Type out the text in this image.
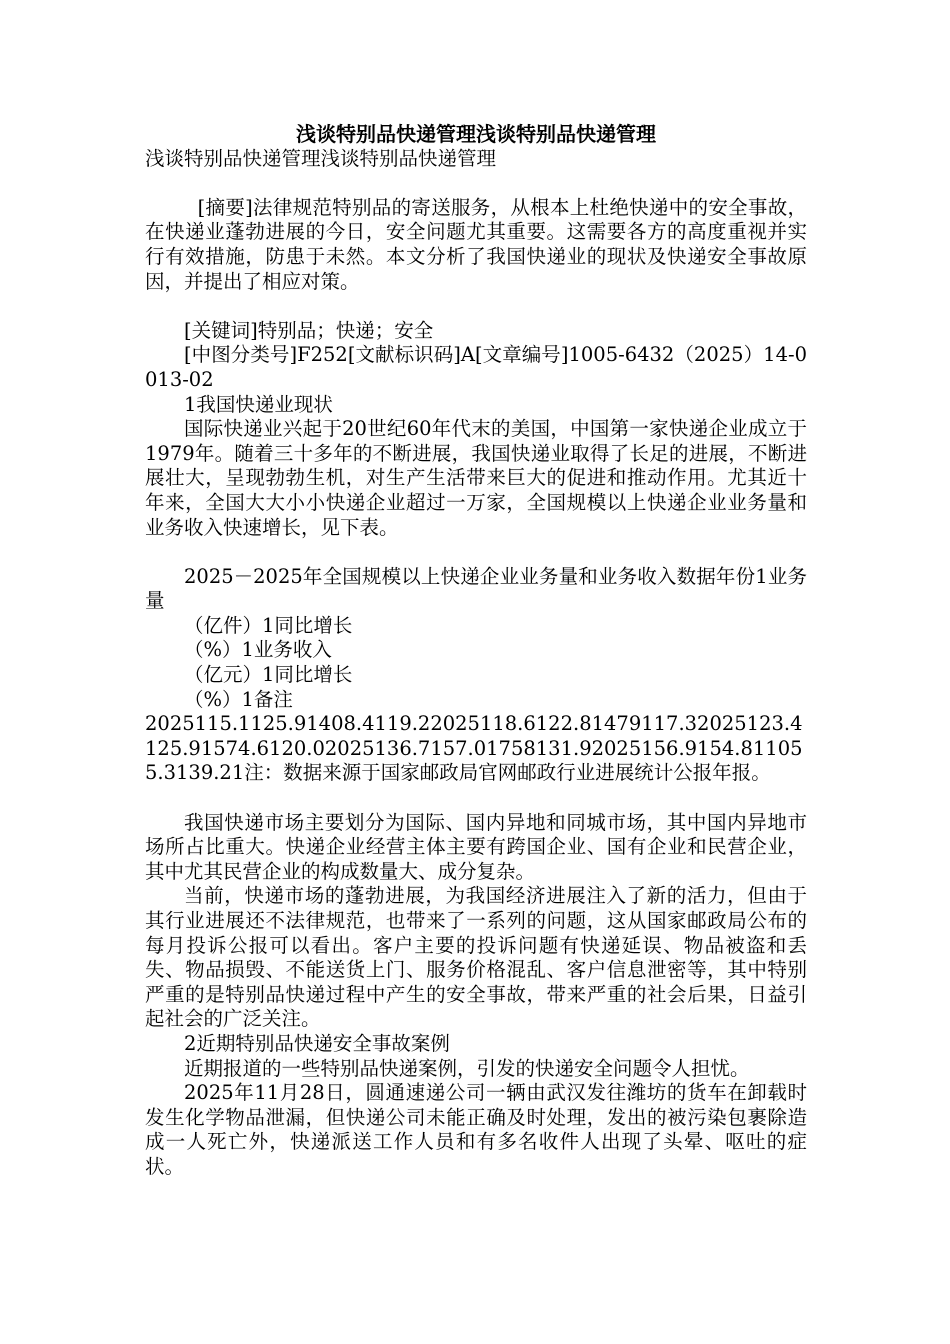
浅谈特别品快递管理浅谈特别品快递管理

浅谈特别品快递管理浅谈特别品快递管理

[摘要]法律规范特别品的寄送服务，从根本上杜绝快递中的安全事故，在快递业蓬勃进展的今日，安全问题尤其重要。这需要各方的高度重视并实行有效措施，防患于未然。本文分析了我国快递业的现状及快递安全事故原因，并提出了相应对策。

[关键词]特别品；快递；安全

[中图分类号]F252[文献标识码]A[文章编号]1005-6432（2025）14-0013-02

1我国快递业现状

国际快递业兴起于20世纪60年代末的美国，中国第一家快递企业成立于1979年。随着三十多年的不断进展，我国快递业取得了长足的进展，不断进展壮大，呈现勃勃生机，对生产生活带来巨大的促进和推动作用。尤其近十年来，全国大大小小快递企业超过一万家，全国规模以上快递企业业务量和业务收入快速增长，见下表。

2025－2025年全国规模以上快递企业业务量和业务收入数据年份1业务量

（亿件）1同比增长

（%）1业务收入

（亿元）1同比增长

（%）1备注

2025115.1125.91408.4119.22025118.6122.81479117.32025123.4125.91574.6120.02025136.7157.01758131.92025156.9154.811055.3139.21注：数据来源于国家邮政局官网邮政行业进展统计公报年报。

我国快递市场主要划分为国际、国内异地和同城市场，其中国内异地市场所占比重大。快递企业经营主体主要有跨国企业、国有企业和民营企业，其中尤其民营企业的构成数量大、成分复杂。

当前，快递市场的蓬勃进展，为我国经济进展注入了新的活力，但由于其行业进展还不法律规范，也带来了一系列的问题，这从国家邮政局公布的每月投诉公报可以看出。客户主要的投诉问题有快递延误、物品被盗和丢失、物品损毁、不能送货上门、服务价格混乱、客户信息泄密等，其中特别严重的是特别品快递过程中产生的安全事故，带来严重的社会后果，日益引起社会的广泛关注。

2近期特别品快递安全事故案例

近期报道的一些特别品快递案例，引发的快递安全问题令人担忧。

2025年11月28日，圆通速递公司一辆由武汉发往潍坊的货车在卸载时发生化学物品泄漏，但快递公司未能正确及时处理，发出的被污染包裹除造成一人死亡外，快递派送工作人员和有多名收件人出现了头晕、呕吐的症状。
